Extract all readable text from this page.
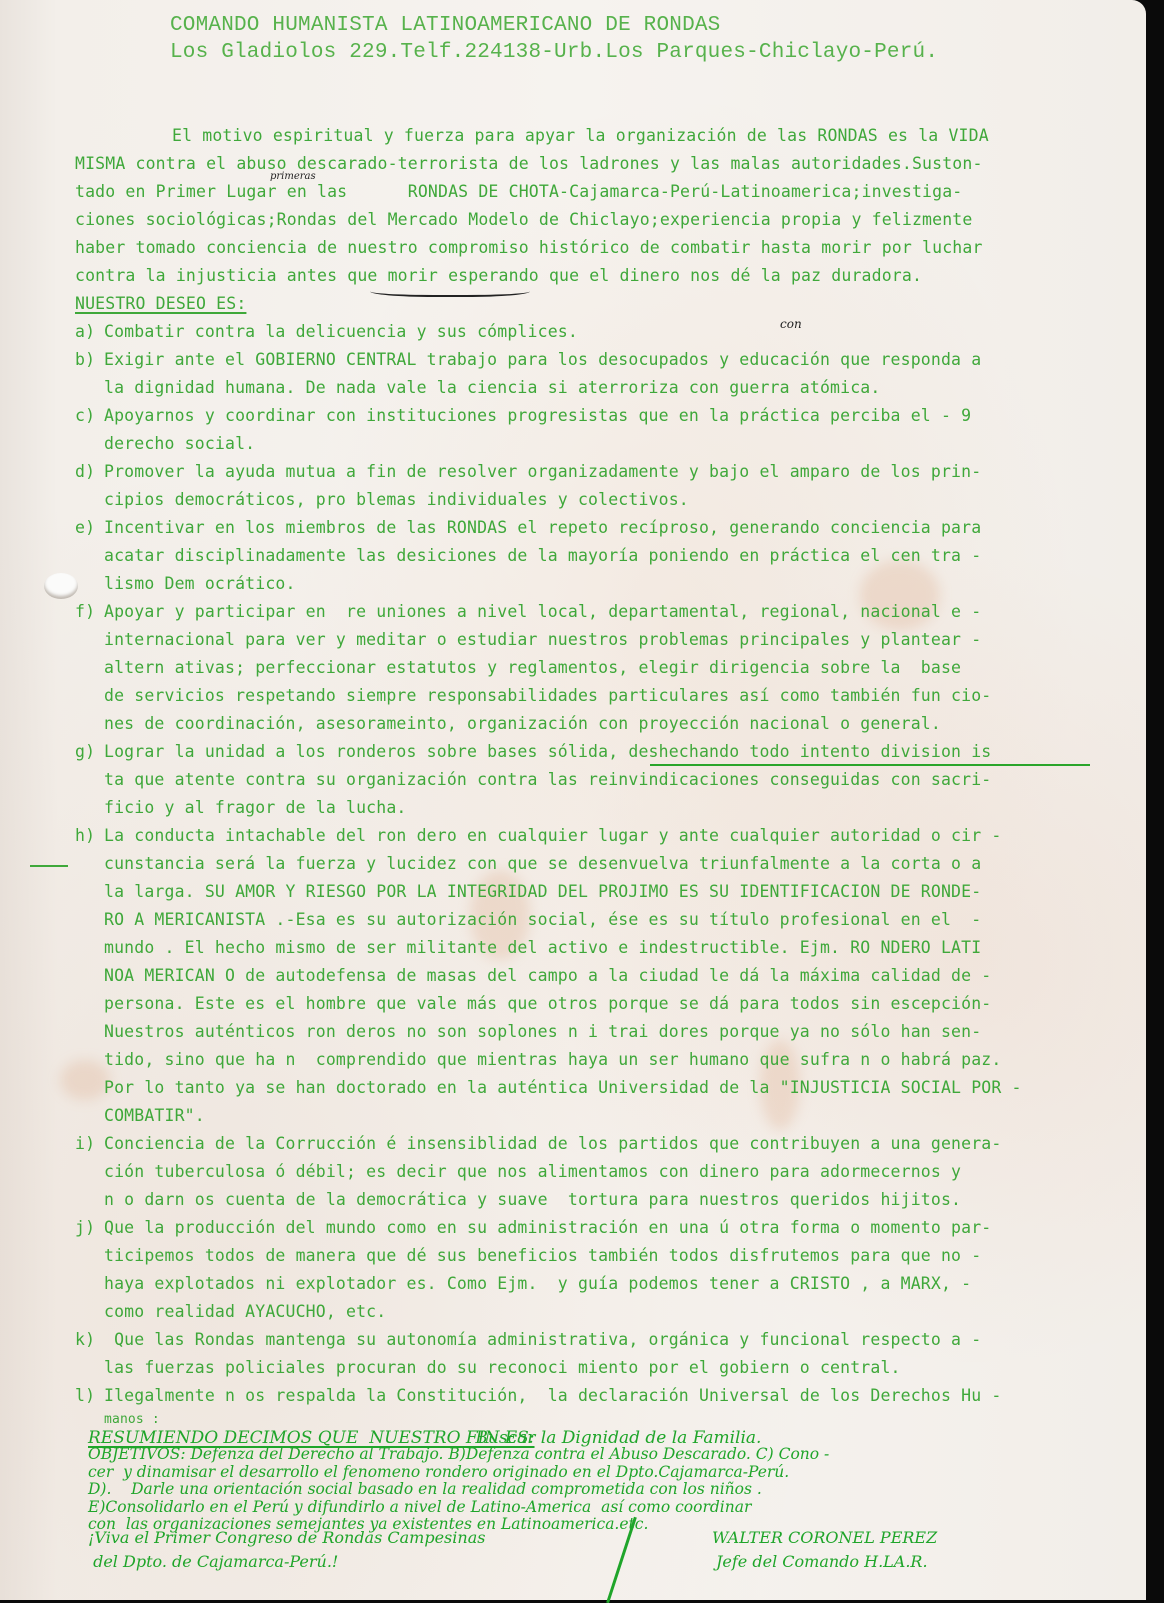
COMANDO HUMANISTA LATINOAMERICANO DE RONDAS
Los Gladiolos 229.Telf.224138-Urb.Los Parques-Chiclayo-Perú.
El motivo espiritual y fuerza para apyar la organización de las RONDAS es la VIDA
MISMA contra el abuso descarado-terrorista de los ladrones y las malas autoridades.Suston-
tado en Primer Lugar en las      RONDAS DE CHOTA-Cajamarca-Perú-Latinoamerica;investiga-
ciones sociológicas;Rondas del Mercado Modelo de Chiclayo;experiencia propia y felizmente
haber tomado conciencia de nuestro compromiso histórico de combatir hasta morir por luchar
contra la injusticia antes que morir esperando que el dinero nos dé la paz duradora.
primeras
NUESTRO DESEO ES:
a) Combatir contra la delicuencia y sus cómplices.	con
b) Exigir ante el GOBIERNO CENTRAL trabajo para los desocupados y educación que responda a
la dignidad humana. De nada vale la ciencia si aterroriza con guerra atómica.
c) Apoyarnos y coordinar con instituciones progresistas que en la práctica perciba el - 9
derecho social.
d) Promover la ayuda mutua a fin de resolver organizadamente y bajo el amparo de los prin-
cipios democráticos, pro blemas individuales y colectivos.
e) Incentivar en los miembros de las RONDAS el repeto recíproso, generando conciencia para
acatar disciplinadamente las desiciones de la mayoría poniendo en práctica el cen tra -
lismo Dem ocrático.
f) Apoyar y participar en  re uniones a nivel local, departamental, regional, nacional e -
internacional para ver y meditar o estudiar nuestros problemas principales y plantear -
altern ativas; perfeccionar estatutos y reglamentos, elegir dirigencia sobre la  base
de servicios respetando siempre responsabilidades particulares así como también fun cio-
nes de coordinación, asesorameinto, organización con proyección nacional o general.
g) Lograr la unidad a los ronderos sobre bases sólida, deshechando todo intento division is
ta que atente contra su organización contra las reinvindicaciones conseguidas con sacri-
ficio y al fragor de la lucha.
h) La conducta intachable del ron dero en cualquier lugar y ante cualquier autoridad o cir -
cunstancia será la fuerza y lucidez con que se desenvuelva triunfalmente a la corta o a
la larga. SU AMOR Y RIESGO POR LA INTEGRIDAD DEL PROJIMO ES SU IDENTIFICACION DE RONDE-
RO A MERICANISTA .-Esa es su autorización social, ése es su título profesional en el  -
mundo . El hecho mismo de ser militante del activo e indestructible. Ejm. RO NDERO LATI
NOA MERICAN O de autodefensa de masas del campo a la ciudad le dá la máxima calidad de -
persona. Este es el hombre que vale más que otros porque se dá para todos sin escepción-
Nuestros auténticos ron deros no son soplones n i trai dores porque ya no sólo han sen-
tido, sino que ha n  comprendido que mientras haya un ser humano que sufra n o habrá paz.
Por lo tanto ya se han doctorado en la auténtica Universidad de la "INJUSTICIA SOCIAL POR -
COMBATIR".
i) Conciencia de la Corrucción é insensiblidad de los partidos que contribuyen a una genera-
ción tuberculosa ó débil; es decir que nos alimentamos con dinero para adormecernos y
n o darn os cuenta de la democrática y suave  tortura para nuestros queridos hijitos.
j) Que la producción del mundo como en su administración en una ú otra forma o momento par-
ticipemos todos de manera que dé sus beneficios también todos disfrutemos para que no -
haya explotados ni explotador es. Como Ejm.  y guía podemos tener a CRISTO , a MARX, -
como realidad AYACUCHO, etc.
k) Que las Rondas mantenga su autonomía administrativa, orgánica y funcional respecto a -
las fuerzas policiales procuran do su reconoci miento por el gobiern o central.
l) Ilegalmente n os respalda la Constitución,  la declaración Universal de los Derechos Hu -
manos :
RESUMIENDO DECIMOS QUE  NUESTRO FIN ES:
Buscar la Dignidad de la Familia.
OBJETIVOS: Defenza del Derecho al Trabajo. B)Defenza contra el Abuso Descarado. C) Cono -
cer  y dinamisar el desarrollo el fenomeno rondero originado en el Dpto.Cajamarca-Perú.
D).    Darle una orientación social basado en la realidad comprometida con los niños .
E)Consolidarlo en el Perú y difundirlo a nivel de Latino-America  así como coordinar
con  las organizaciones semejantes ya existentes en Latinoamerica.etc.
¡Viva el Primer Congreso de Rondas Campesinas
del Dpto. de Cajamarca-Perú.!
WALTER CORONEL PEREZ
Jefe del Comando H.LA.R.
